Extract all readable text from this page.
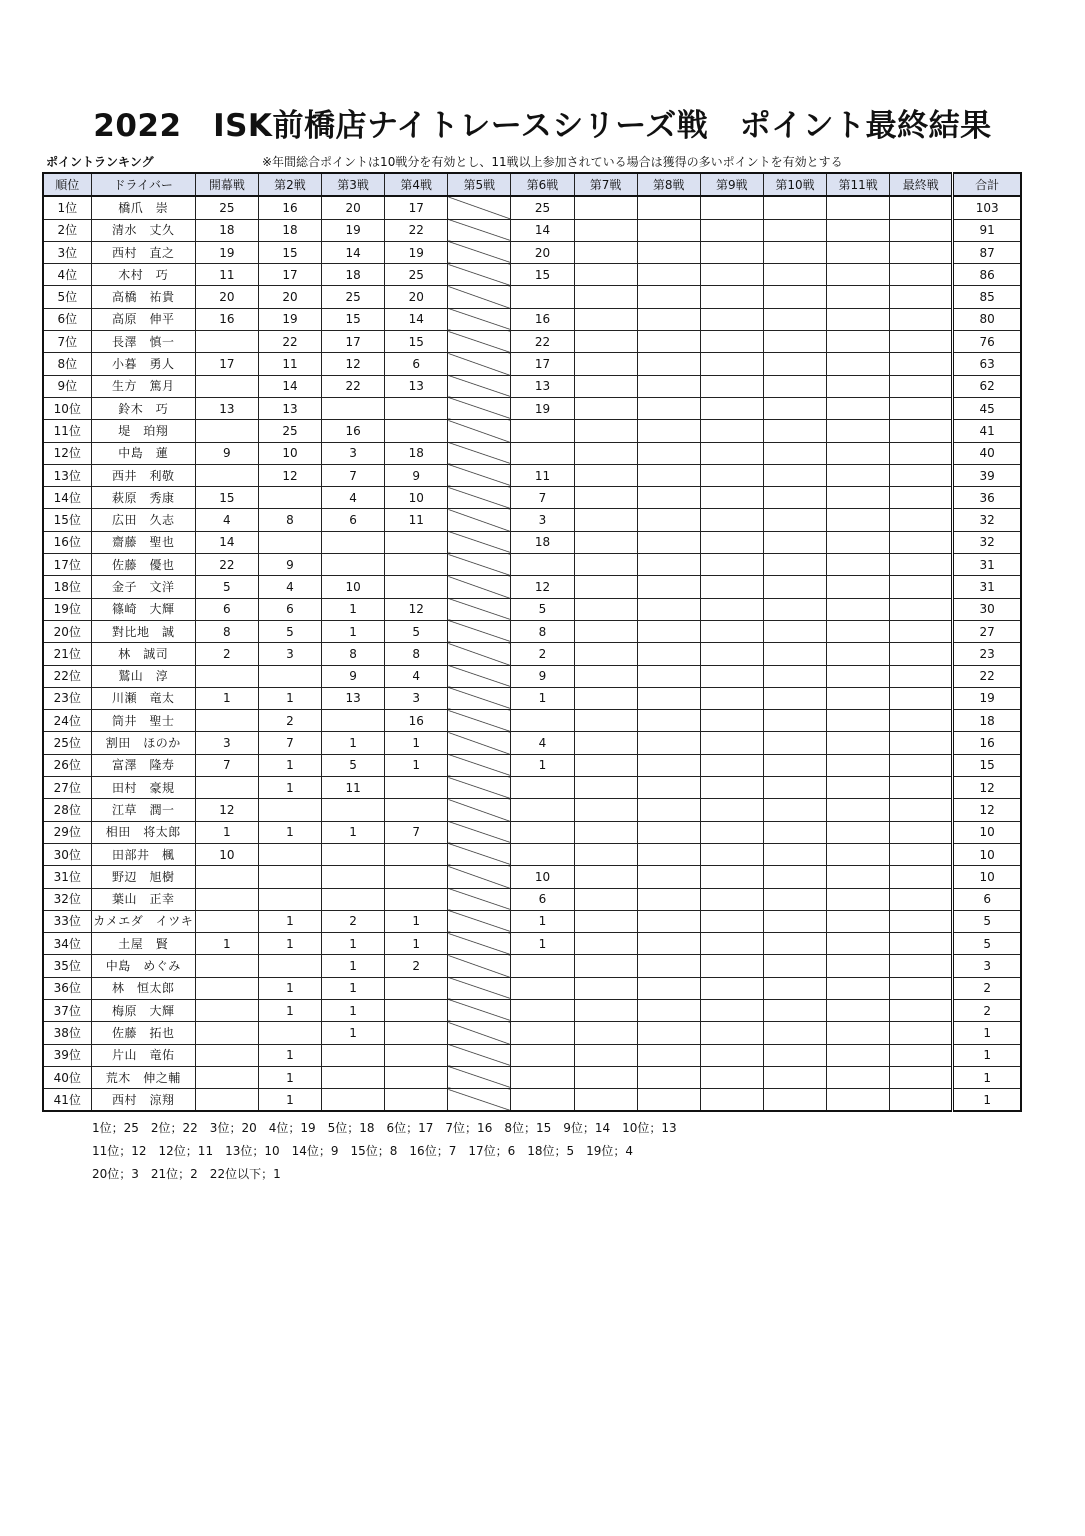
2022　ISK前橋店ナイトレースシリーズ戦　ポイント最終結果
ポイントランキング	※年間総合ポイントは10戦分を有効とし、11戦以上参加されている場合は獲得の多いポイントを有効とする
順位	ドライバー	開幕戦	第2戦	第3戦	第4戦	第5戦	第6戦	第7戦	第8戦	第9戦	第10戦	第11戦	最終戦	合計
1位	橋爪　崇	25	16	20	17		25							103
2位	清水　丈久	18	18	19	22		14							91
3位	西村　直之	19	15	14	19		20							87
4位	木村　巧	11	17	18	25		15							86
5位	高橋　祐貴	20	20	25	20									85
6位	高原　伸平	16	19	15	14		16							80
7位	長澤　慎一		22	17	15		22							76
8位	小暮　勇人	17	11	12	6		17							63
9位	生方　篤月		14	22	13		13							62
10位	鈴木　巧	13	13				19							45
11位	堤　珀翔		25	16										41
12位	中島　蓮	9	10	3	18									40
13位	西井　利敬		12	7	9		11							39
14位	萩原　秀康	15		4	10		7							36
15位	広田　久志	4	8	6	11		3							32
16位	齋藤　聖也	14					18							32
17位	佐藤　優也	22	9											31
18位	金子　文洋	5	4	10			12							31
19位	篠崎　大輝	6	6	1	12		5							30
20位	對比地　誠	8	5	1	5		8							27
21位	林　誠司	2	3	8	8		2							23
22位	鷲山　淳			9	4		9							22
23位	川瀬　竜太	1	1	13	3		1							19
24位	筒井　聖士		2		16									18
25位	割田　ほのか	3	7	1	1		4							16
26位	富澤　隆寿	7	1	5	1		1							15
27位	田村　豪規		1	11										12
28位	江草　潤一	12												12
29位	相田　将太郎	1	1	1	7									10
30位	田部井　楓	10												10
31位	野辺　旭樹						10							10
32位	葉山　正幸						6							6
33位	カメエダ　イツキ		1	2	1		1							5
34位	土屋　賢	1	1	1	1		1							5
35位	中島　めぐみ			1	2									3
36位	林　恒太郎		1	1										2
37位	梅原　大輝		1	1										2
38位	佐藤　拓也			1										1
39位	片山　竜佑		1											1
40位	荒木　伸之輔		1											1
41位	西村　涼翔		1											1
1位；25　2位；22　3位；20　4位；19　5位；18　6位；17　7位；16　8位；15　9位；14　10位；13
11位；12　12位；11　13位；10　14位；9　15位；8　16位；7　17位；6　18位；5　19位；4
20位；3　21位；2　22位以下；1
